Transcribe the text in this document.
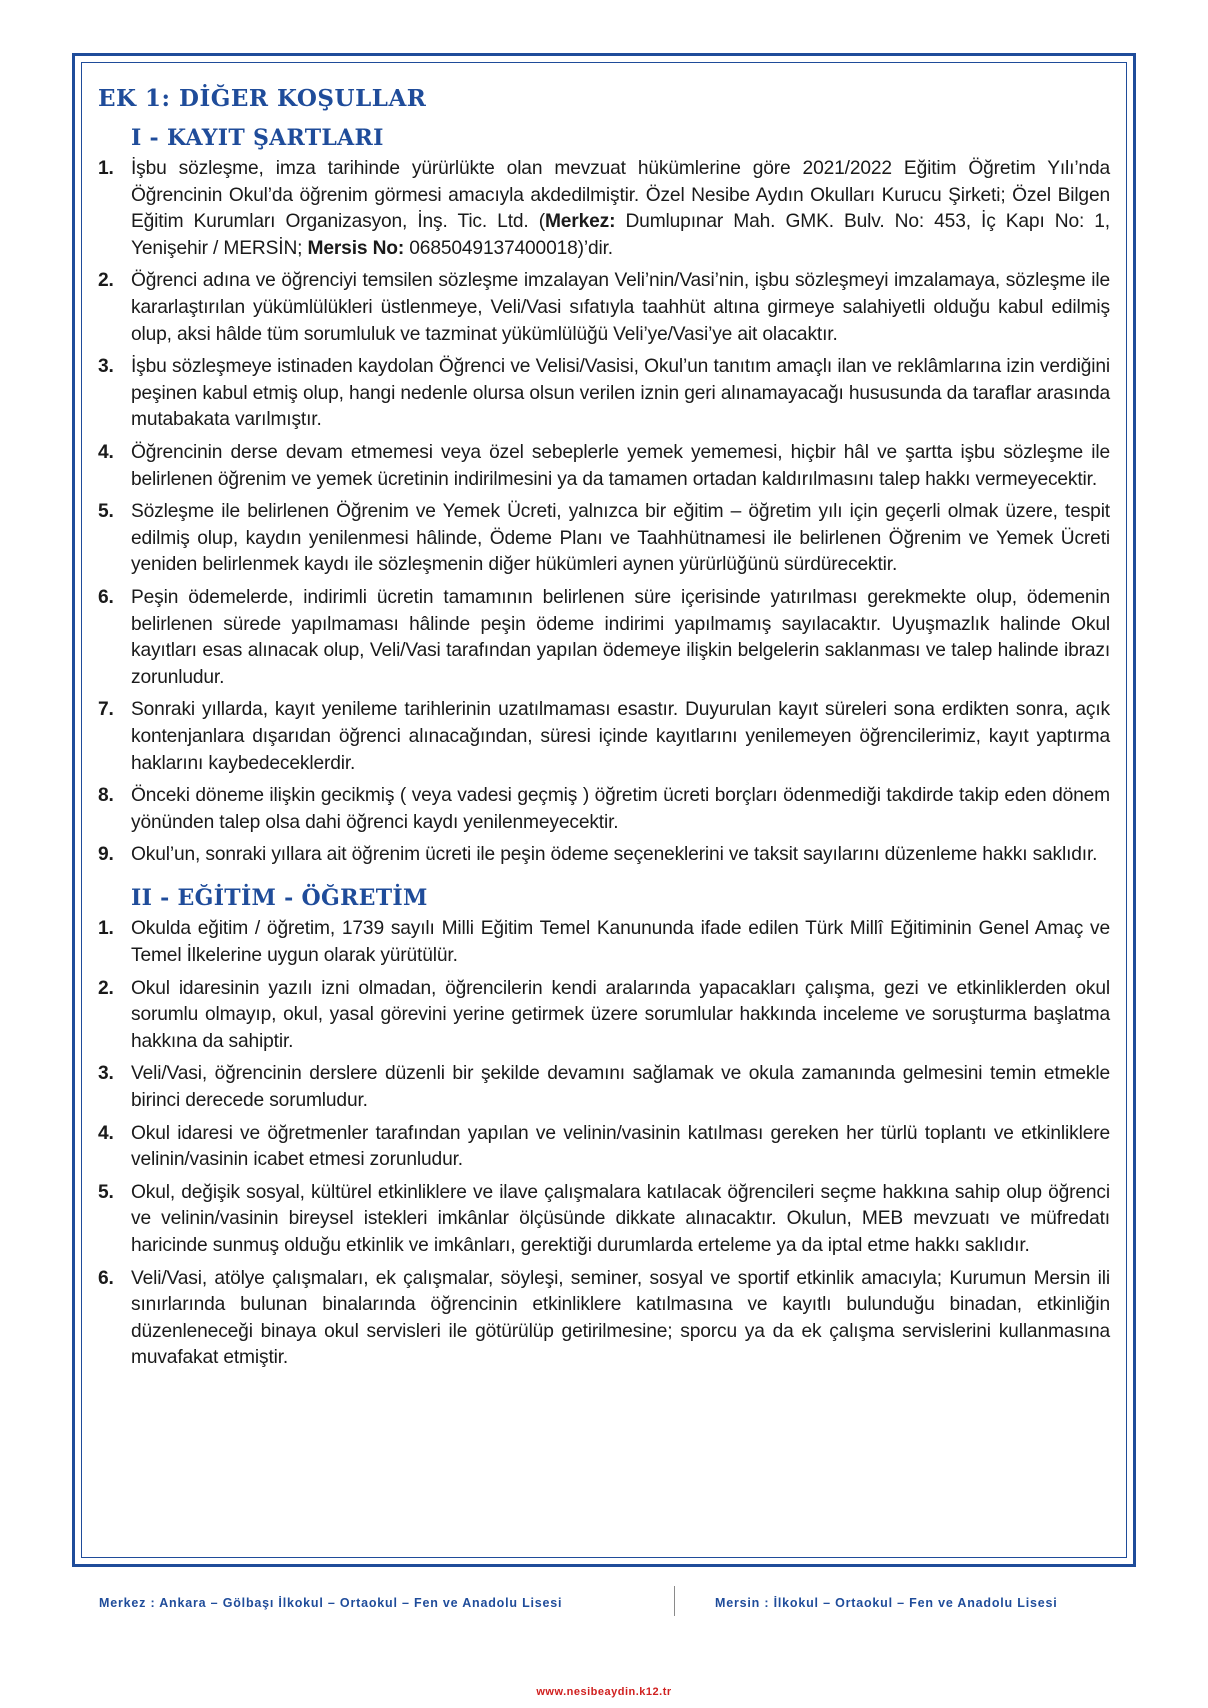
EK 1: DİĞER KOŞULLAR
I - KAYIT ŞARTLARI
1. İşbu sözleşme, imza tarihinde yürürlükte olan mevzuat hükümlerine göre 2021/2022 Eğitim Öğretim Yılı’nda Öğrencinin Okul’da öğrenim görmesi amacıyla akdedilmiştir. Özel Nesibe Aydın Okulları Kurucu Şirketi; Özel Bilgen Eğitim Kurumları Organizasyon, İnş. Tic. Ltd. (Merkez: Dumlupınar Mah. GMK. Bulv. No: 453, İç Kapı No: 1, Yenişehir / MERSİN; Mersis No: 0685049137400018)’dir.
2. Öğrenci adına ve öğrenciyi temsilen sözleşme imzalayan Veli’nin/Vasi’nin, işbu sözleşmeyi imzalamaya, sözleşme ile kararlaştırılan yükümlülükleri üstlenmeye, Veli/Vasi sıfatıyla taahhüt altına girmeye salahiyetli olduğu kabul edilmiş olup, aksi hâlde tüm sorumluluk ve tazminat yükümlülüğü Veli’ye/Vasi’ye ait olacaktır.
3. İşbu sözleşmeye istinaden kaydolan Öğrenci ve Velisi/Vasisi, Okul’un tanıtım amaçlı ilan ve reklâmlarına izin verdiğini peşinen kabul etmiş olup, hangi nedenle olursa olsun verilen iznin geri alınamayacağı hususunda da taraflar arasında mutabakata varılmıştır.
4. Öğrencinin derse devam etmemesi veya özel sebeplerle yemek yememesi, hiçbir hâl ve şartta işbu sözleşme ile belirlenen öğrenim ve yemek ücretinin indirilmesini ya da tamamen ortadan kaldırılmasını talep hakkı vermeyecektir.
5. Sözleşme ile belirlenen Öğrenim ve Yemek Ücreti, yalnızca bir eğitim – öğretim yılı için geçerli olmak üzere, tespit edilmiş olup, kaydın yenilenmesi hâlinde, Ödeme Planı ve Taahhütnamesi ile belirlenen Öğrenim ve Yemek Ücreti yeniden belirlenmek kaydı ile sözleşmenin diğer hükümleri aynen yürürlüğünü sürdürecektir.
6. Peşin ödemelerde, indirimli ücretin tamamının belirlenen süre içerisinde yatırılması gerekmekte olup, ödemenin belirlenen sürede yapılmaması hâlinde peşin ödeme indirimi yapılmamış sayılacaktır. Uyuşmazlık halinde Okul kayıtları esas alınacak olup, Veli/Vasi tarafından yapılan ödemeye ilişkin belgelerin saklanması ve talep halinde ibrazı zorunludur.
7. Sonraki yıllarda, kayıt yenileme tarihlerinin uzatılmaması esastır. Duyurulan kayıt süreleri sona erdikten sonra, açık kontenjanlara dışarıdan öğrenci alınacağından, süresi içinde kayıtlarını yenilemeyen öğrencilerimiz, kayıt yaptırma haklarını kaybedeceklerdir.
8. Önceki döneme ilişkin gecikmiş ( veya vadesi geçmiş ) öğretim ücreti borçları ödenmediği takdirde takip eden dönem yönünden talep olsa dahi öğrenci kaydı yenilenmeyecektir.
9. Okul’un, sonraki yıllara ait öğrenim ücreti ile peşin ödeme seçeneklerini ve taksit sayılarını düzenleme hakkı saklıdır.
II - EĞİTİM - ÖĞRETİM
1. Okulda eğitim / öğretim, 1739 sayılı Milli Eğitim Temel Kanununda ifade edilen Türk Millî Eğitiminin Genel Amaç ve Temel İlkelerine uygun olarak yürütülür.
2. Okul idaresinin yazılı izni olmadan, öğrencilerin kendi aralarında yapacakları çalışma, gezi ve etkinliklerden okul sorumlu olmayıp, okul, yasal görevini yerine getirmek üzere sorumlular hakkında inceleme ve soruşturma başlatma hakkına da sahiptir.
3. Veli/Vasi, öğrencinin derslere düzenli bir şekilde devamını sağlamak ve okula zamanında gelmesini temin etmekle birinci derecede sorumludur.
4. Okul idaresi ve öğretmenler tarafından yapılan ve velinin/vasinin katılması gereken her türlü toplantı ve etkinliklere velinin/vasinin icabet etmesi zorunludur.
5. Okul, değişik sosyal, kültürel etkinliklere ve ilave çalışmalara katılacak öğrencileri seçme hakkına sahip olup öğrenci ve velinin/vasinin bireysel istekleri imkânlar ölçüsünde dikkate alınacaktır. Okulun, MEB mevzuatı ve müfredatı haricinde sunmuş olduğu etkinlik ve imkânları, gerektiği durumlarda erteleme ya da iptal etme hakkı saklıdır.
6. Veli/Vasi, atölye çalışmaları, ek çalışmalar, söyleşi, seminer, sosyal ve sportif etkinlik amacıyla; Kurumun Mersin ili sınırlarında bulunan binalarında öğrencinin etkinliklere katılmasına ve kayıtlı bulunduğu binadan, etkinliğin düzenleneceği binaya okul servisleri ile götürülüp getirilmesine; sporcu ya da ek çalışma servislerini kullanmasına muvafakat etmiştir.
Merkez : Ankara – Gölbaşı İlkokul – Ortaokul – Fen ve Anadolu Lisesi	Mersin : İlkokul – Ortaokul – Fen ve Anadolu Lisesi
www.nesibeaydin.k12.tr
